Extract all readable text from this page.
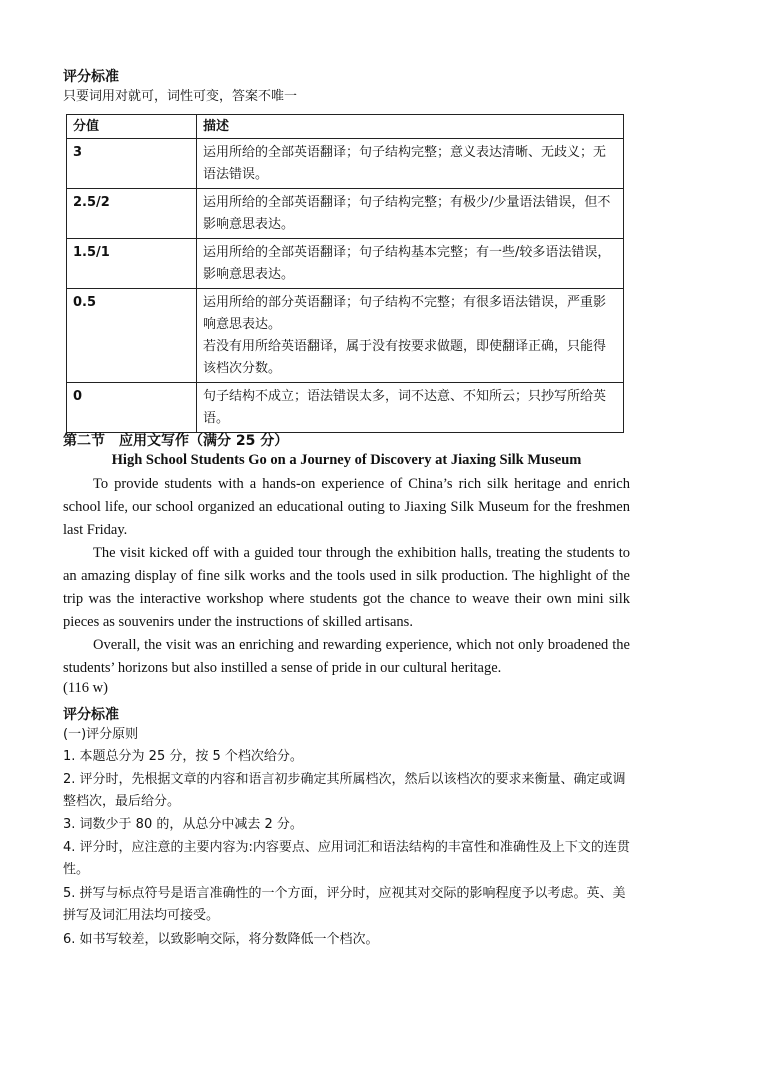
评分标准
只要词用对就可，词性可变，答案不唯一
分值	描述
3	运用所给的全部英语翻译；句子结构完整；意义表达清晰、无歧义；无语法错误。

2.5/2	运用所给的全部英语翻译；句子结构完整；有极少/少量语法错误，但不影响意思表达。

1.5/1	运用所给的全部英语翻译；句子结构基本完整；有一些/较多语法错误，影响意思表达。

0.5	运用所给的部分英语翻译；句子结构不完整；有很多语法错误，严重影响意思表达。

若没有用所给英语翻译，属于没有按要求做题，即使翻译正确，只能得该档次分数。

0	句子结构不成立；语法错误太多，词不达意、不知所云；只抄写所给英语。

第二节　应用文写作（满分 25 分）
High School Students Go on a Journey of Discovery at Jiaxing Silk Museum
To provide students with a hands-on experience of China’s rich silk heritage and enrich school life, our school organized an educational outing to Jiaxing Silk Museum for the freshmen last Friday.
The visit kicked off with a guided tour through the exhibition halls, treating the students to an amazing display of fine silk works and the tools used in silk production. The highlight of the trip was the interactive workshop where students got the chance to weave their own mini silk pieces as souvenirs under the instructions of skilled artisans.
Overall, the visit was an enriching and rewarding experience, which not only broadened the students’ horizons but also instilled a sense of pride in our cultural heritage.
(116 w)
评分标准
(一)评分原则
1. 本题总分为 25 分，按 5 个档次给分。
2. 评分时，先根据文章的内容和语言初步确定其所属档次，然后以该档次的要求来衡量、确定或调整档次，最后给分。
3. 词数少于 80 的，从总分中减去 2 分。
4. 评分时，应注意的主要内容为:内容要点、应用词汇和语法结构的丰富性和准确性及上下文的连贯性。
5. 拼写与标点符号是语言准确性的一个方面，评分时，应视其对交际的影响程度予以考虑。英、美拼写及词汇用法均可接受。
6. 如书写较差，以致影响交际，将分数降低一个档次。
